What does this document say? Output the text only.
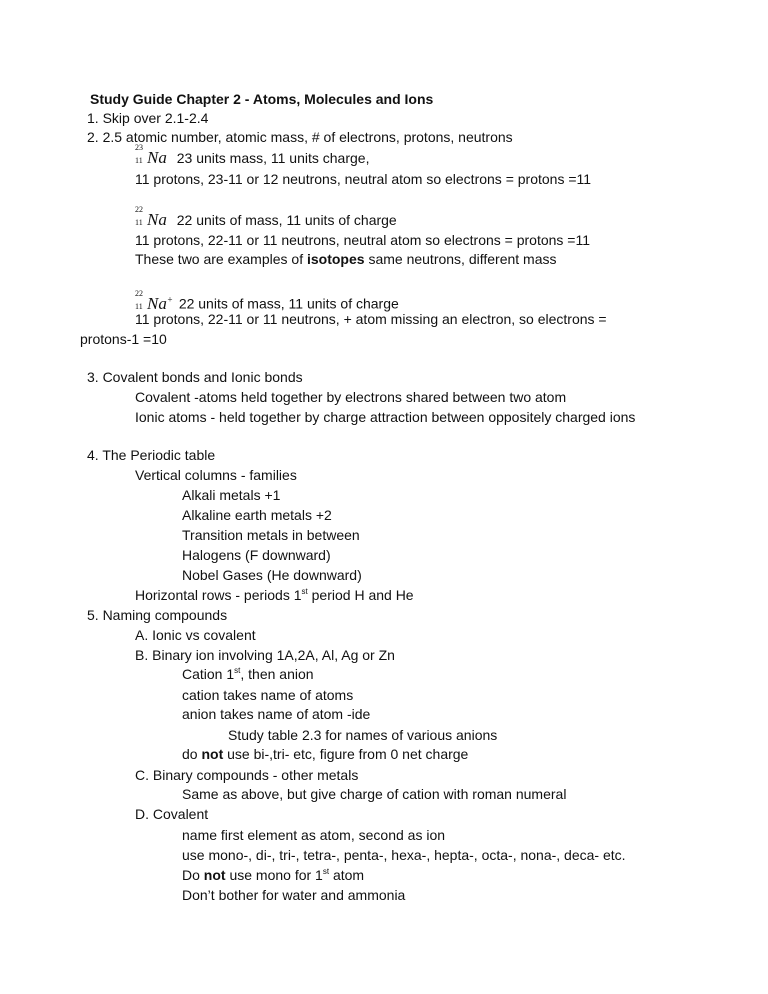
Study Guide Chapter 2 - Atoms, Molecules and Ions
1. Skip over 2.1-2.4
2. 2.5 atomic number, atomic mass, # of electrons, protons, neutrons
23
11 Na 23 units mass, 11 units charge,
11 protons, 23-11 or 12 neutrons, neutral atom so electrons = protons =11
22
11 Na 22 units of mass, 11 units of charge
11 protons, 22-11 or 11 neutrons, neutral atom so electrons = protons =11
These two are examples of isotopes same neutrons, different mass
22
11 Na+ 22 units of mass, 11 units of charge
11 protons, 22-11 or 11 neutrons, + atom missing an electron, so electrons =
protons-1 =10
3. Covalent bonds and Ionic bonds
Covalent -atoms held together by electrons shared between two atom
Ionic atoms - held together by charge attraction between oppositely charged ions
4. The Periodic table
Vertical columns - families
Alkali metals +1
Alkaline earth metals +2
Transition metals in between
Halogens (F downward)
Nobel Gases (He downward)
Horizontal rows - periods 1st period H and He
5. Naming compounds
A. Ionic vs covalent
B. Binary ion involving 1A,2A, Al, Ag or Zn
Cation 1st, then anion
cation takes name of atoms
anion takes name of atom -ide
Study table 2.3 for names of various anions
do not use bi-,tri- etc, figure from 0 net charge
C. Binary compounds - other metals
Same as above, but give charge of cation with roman numeral
D. Covalent
name first element as atom, second as ion
use mono-, di-, tri-, tetra-, penta-, hexa-, hepta-, octa-, nona-, deca- etc.
Do not use mono for 1st atom
Don’t bother for water and ammonia
